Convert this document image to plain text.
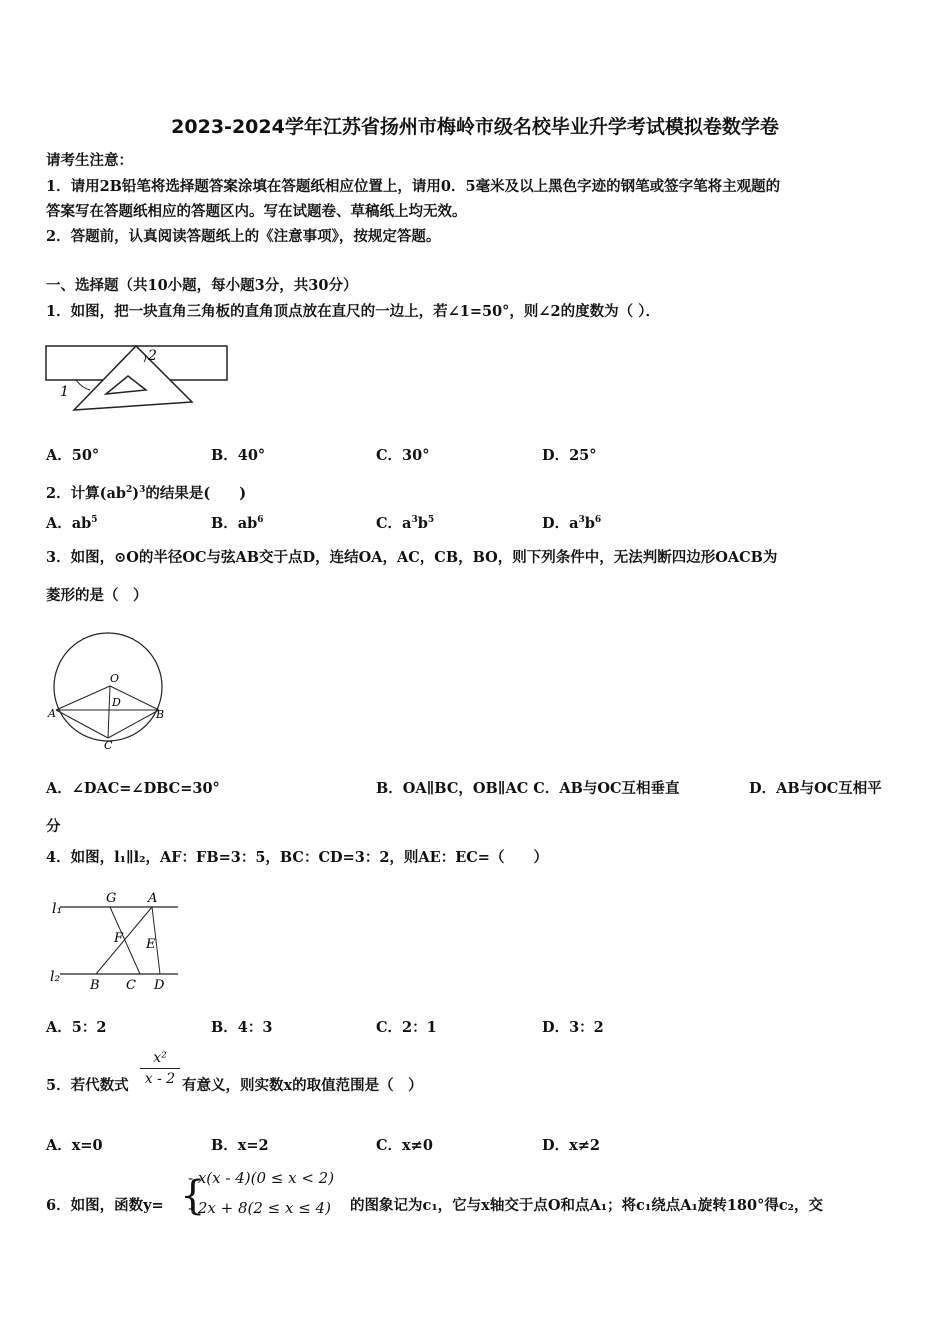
2023-2024学年江苏省扬州市梅岭市级名校毕业升学考试模拟卷数学卷
请考生注意：
1．请用2B铅笔将选择题答案涂填在答题纸相应位置上，请用0．5毫米及以上黑色字迹的钢笔或签字笔将主观题的
答案写在答题纸相应的答题区内。写在试题卷、草稿纸上均无效。
2．答题前，认真阅读答题纸上的《注意事项》，按规定答题。
一、选择题（共10小题，每小题3分，共30分）
1．如图，把一块直角三角板的直角顶点放在直尺的一边上，若∠1=50°，则∠2的度数为（ ）．
2
1
A．50°	B．40°	C．30°	D．25°
2．计算$(ab^2)^3$的结果是(　　)
A．$ab^5$	B．$ab^6$	C．$a^3b^5$	D．$a^3b^6$
3．如图，⊙O的半径OC与弦AB交于点D，连结OA，AC，CB，BO，则下列条件中，无法判断四边形OACB为
菱形的是（　）
O
D
A	B
C
A．∠DAC=∠DBC=30°	B．OA∥BC，OB∥AC C．AB与OC互相垂直	D．AB与OC互相平
分
4．如图，l₁∥l₂，AF：FB=3：5，BC：CD=3：2，则AE：EC=（　　）
l₁
l₂
G A
F E
B C D
A．5：2	B．4：3	C．2：1	D．3：2
5．若代数式 $\frac{\text{x²}}{x - 2}$ 有意义，则实数x的取值范围是（　）
A．x=0	B．x=2	C．x≠0	D．x≠2
6．如图，函数y= {
- x(x - 4)(0 ≤ x < 2)
- 2x + 8(2 ≤ x ≤ 4) 的图象记为c₁，它与x轴交于点O和点A₁；将c₁绕点A₁旋转180°得c₂，交
